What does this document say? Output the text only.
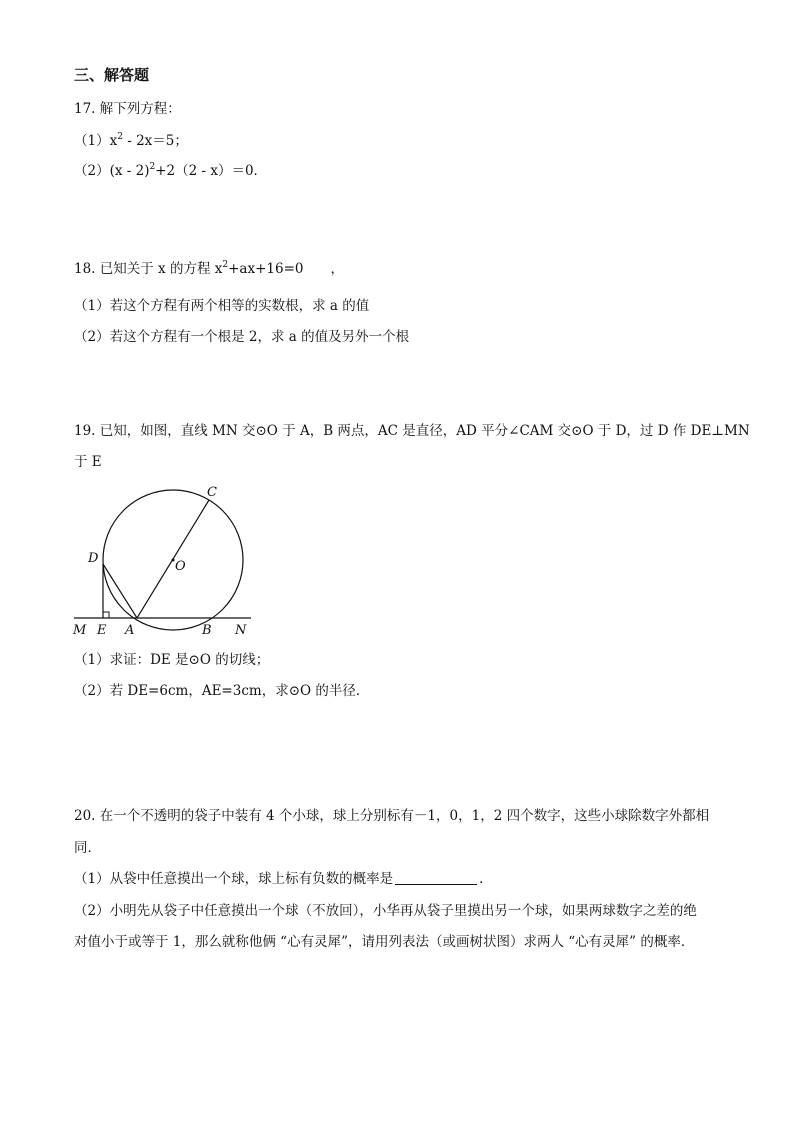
三、解答题
17. 解下列方程：
$(1)x^2 - 2x=5$；
（2）(x - 2)$^2$+2（2 - x）＝0．
18. 已知关于 x 的方程 $x^2+ax+16=0$　　，
（1）若这个方程有两个相等的实数根，求 a 的值
（2）若这个方程有一个根是 2，求 a 的值及另外一个根
19. 已知，如图，直线 MN 交⊙O 于 A，B 两点，AC 是直径，AD 平分∠CAM 交⊙O 于 D，过 D 作 DE⊥MN
于 E
C
D
O
M E A	B N
（1）求证：DE 是⊙O 的切线；
（2）若 DE=6cm，AE=3cm，求⊙O 的半径．
20. 在一个不透明的袋子中装有 4 个小球，球上分别标有－1，0，1，2 四个数字，这些小球除数字外都相
同．
（1）从袋中任意摸出一个球，球上标有负数的概率是	．
（2）小明先从袋子中任意摸出一个球（不放回），小华再从袋子里摸出另一个球，如果两球数字之差的绝
对值小于或等于 1，那么就称他俩 “心有灵犀”，请用列表法（或画树状图）求两人 “心有灵犀” 的概率．
